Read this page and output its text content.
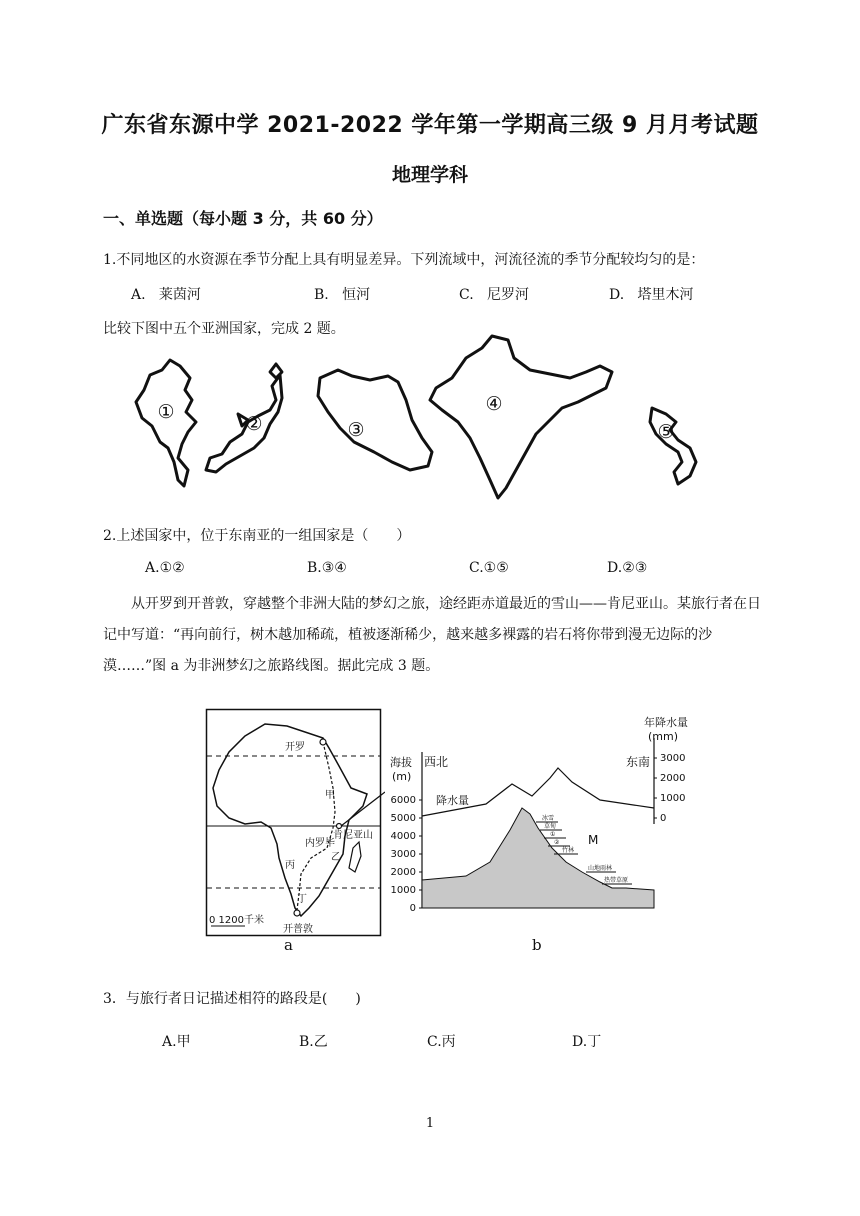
广东省东源中学 2021-2022 学年第一学期高三级 9 月月考试题
地理学科
一、单选题（每小题 3 分，共 60 分）
1.不同地区的水资源在季节分配上具有明显差异。下列流域中，河流径流的季节分配较均匀的是：
A. 莱茵河	B. 恒河	C. 尼罗河	D. 塔里木河
比较下图中五个亚洲国家，完成 2 题。
①
②	③
④
⑤
2.上述国家中，位于东南亚的一组国家是（　　）
A.①②	B.③④	C.①⑤	D.②③
从开罗到开普敦，穿越整个非洲大陆的梦幻之旅，途经距赤道最近的雪山——肯尼亚山。某旅行者在日记中写道：“再向前行，树木越加稀疏，植被逐渐稀少，越来越多裸露的岩石将你带到漫无边际的沙漠……”图 a 为非洲梦幻之旅路线图。据此完成 3 题。
开罗
甲
肯尼亚山
内罗毕
乙
丙
丁
0 1200千米
开普敦
a
海拔
(m)
西北	东南
年降水量
(mm)
降水量
M
6000
5000
4000
3000
2000
1000
0
3000
2000
1000
0
冰雪
草甸
①
②
竹林
山地雨林
热带草原
b
3．与旅行者日记描述相符的路段是(　　)
A.甲	B.乙	C.丙	D.丁
1
